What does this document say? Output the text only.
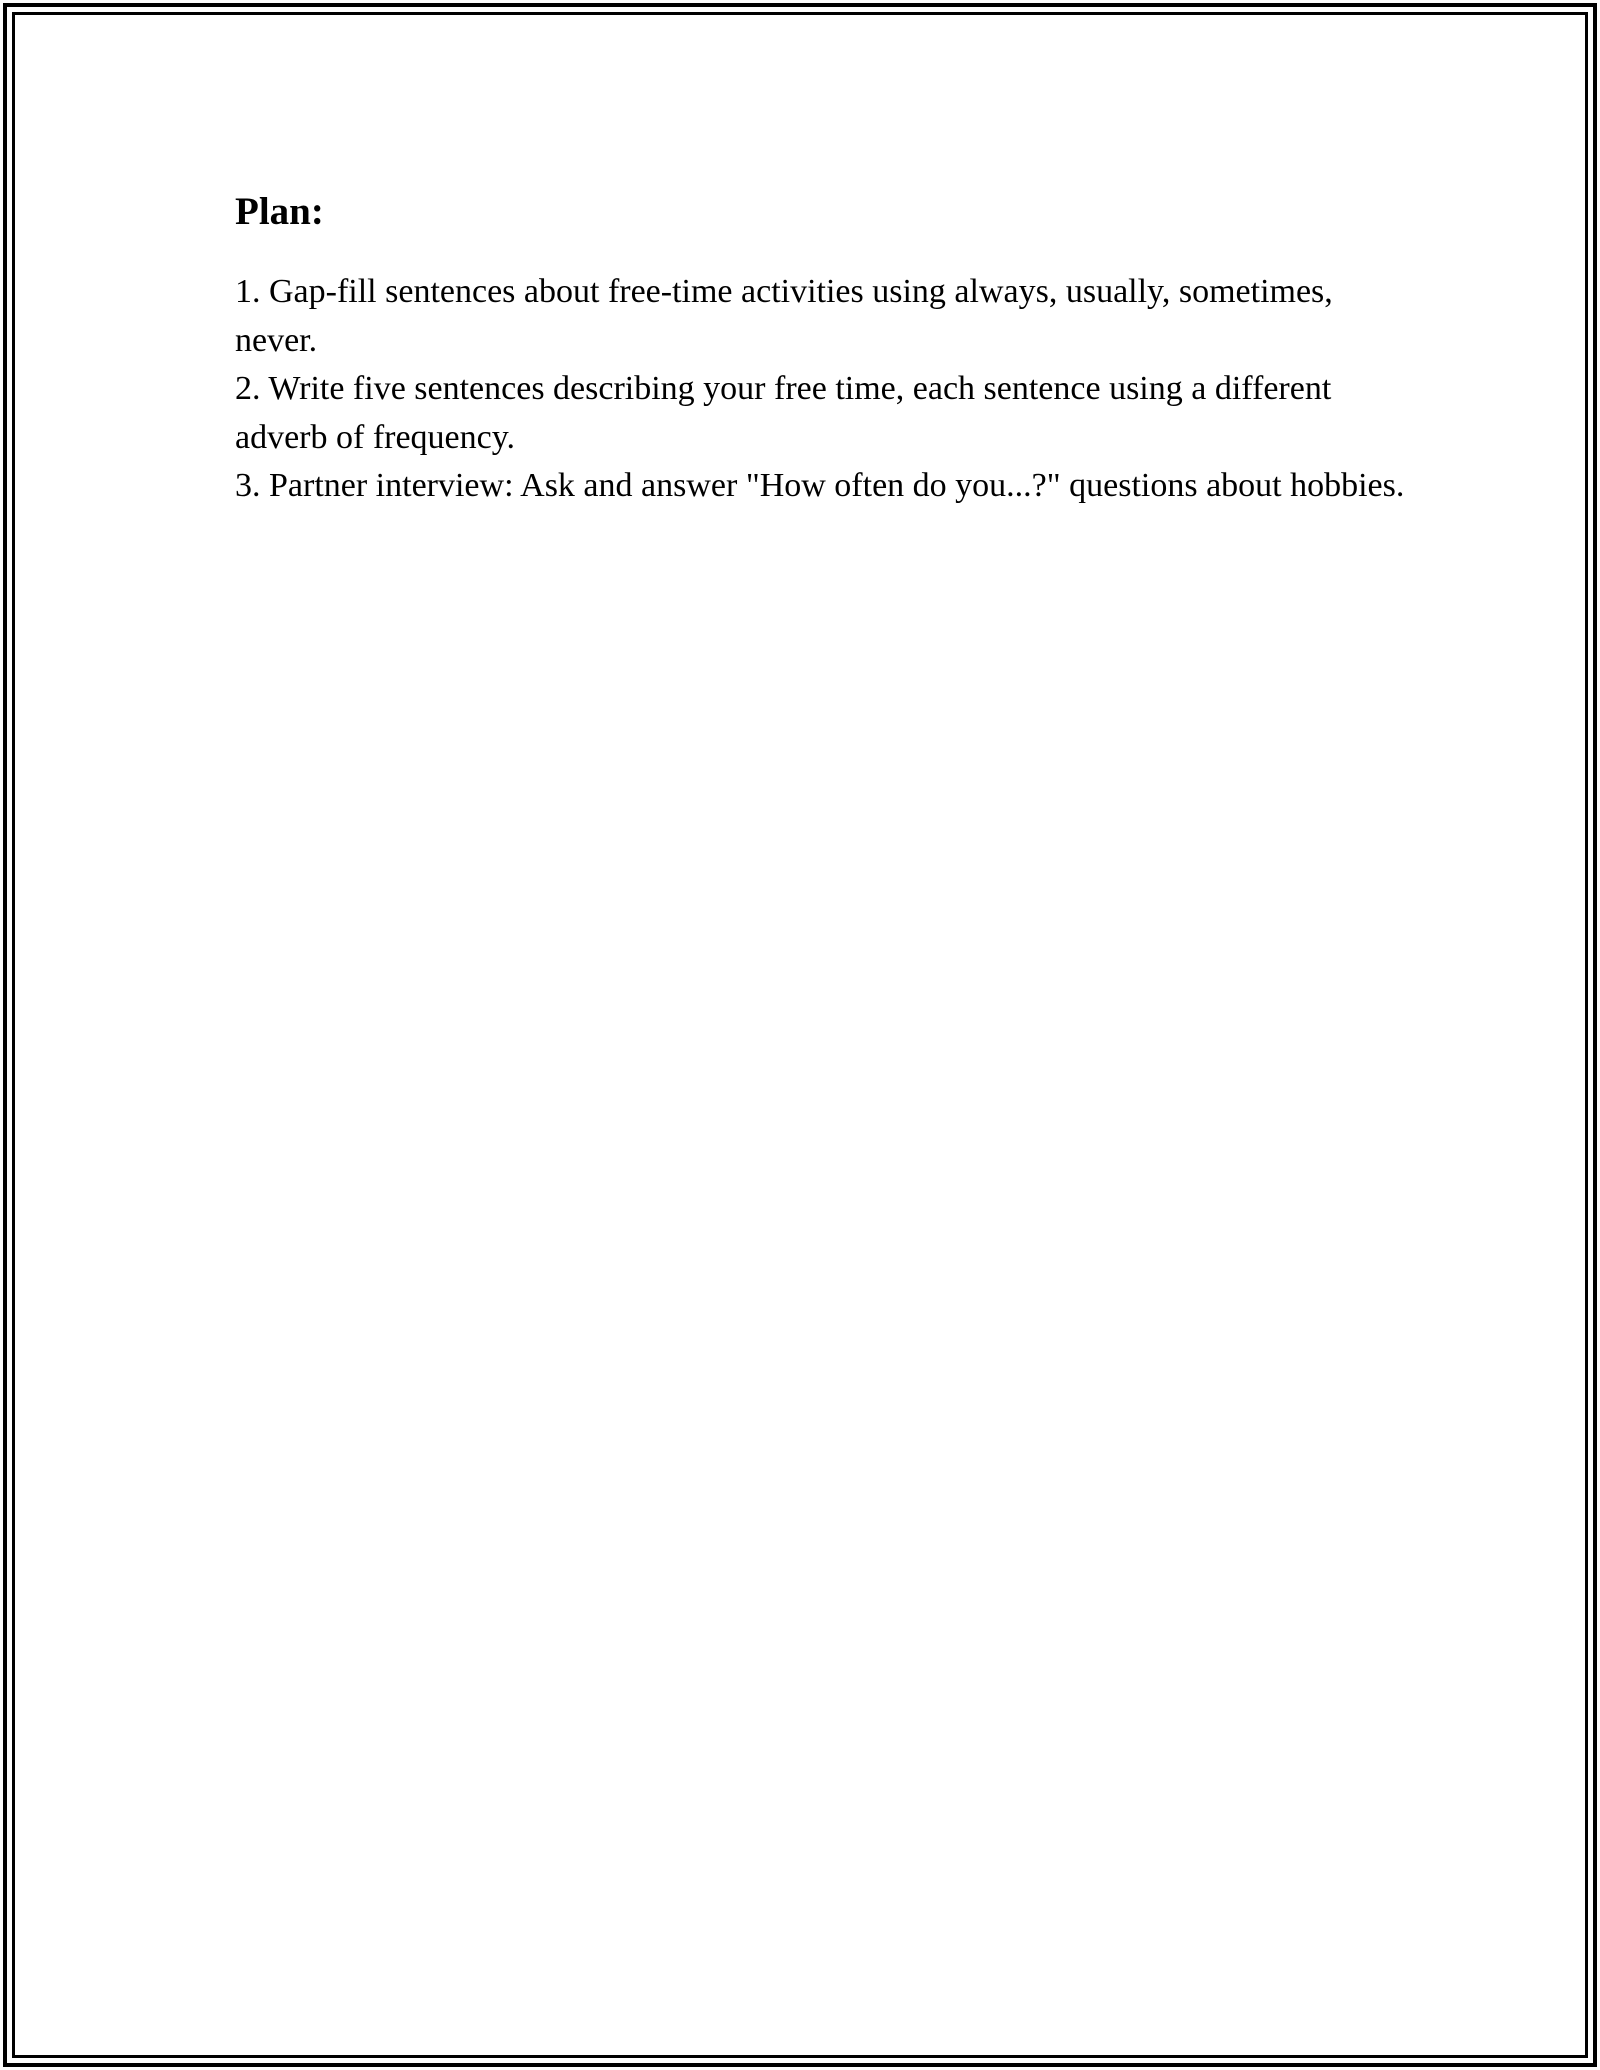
Plan:
1. Gap-fill sentences about free-time activities using always, usually, sometimes, never.
2. Write five sentences describing your free time, each sentence using a different adverb of frequency.
3. Partner interview: Ask and answer "How often do you...?" questions about hobbies.
